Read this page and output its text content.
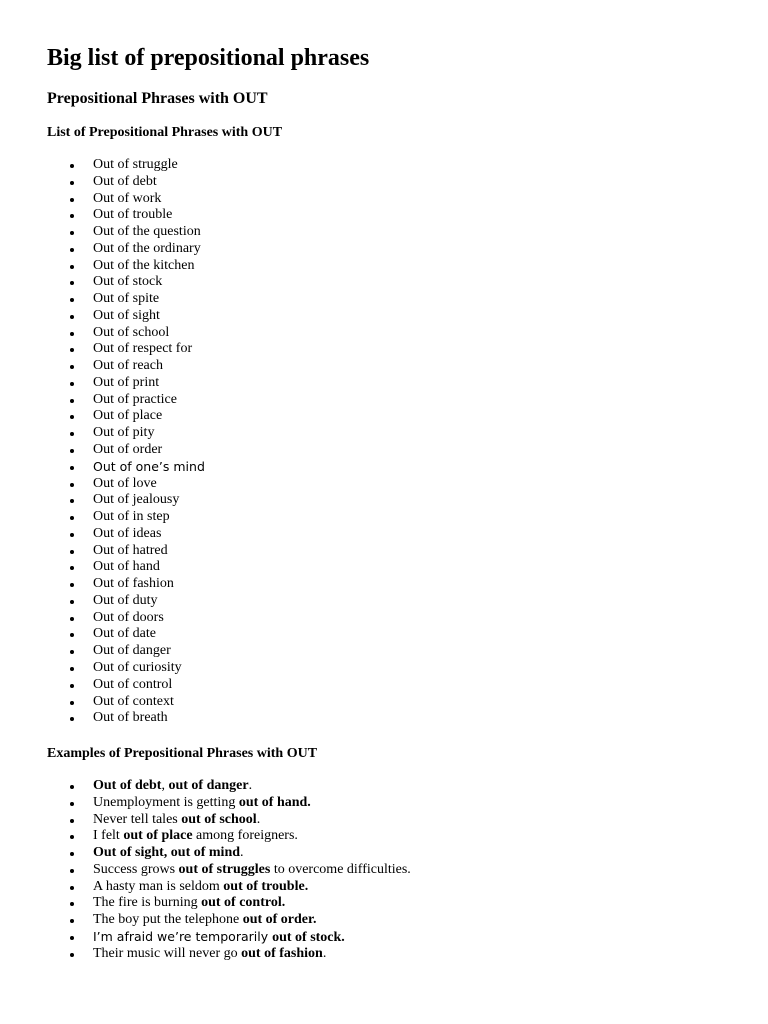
Big list of prepositional phrases
Prepositional Phrases with OUT
List of Prepositional Phrases with OUT
Out of struggle
Out of debt
Out of work
Out of trouble
Out of the question
Out of the ordinary
Out of the kitchen
Out of stock
Out of spite
Out of sight
Out of school
Out of respect for
Out of reach
Out of print
Out of practice
Out of place
Out of pity
Out of order
Out of one’s mind
Out of love
Out of jealousy
Out of in step
Out of ideas
Out of hatred
Out of hand
Out of fashion
Out of duty
Out of doors
Out of date
Out of danger
Out of curiosity
Out of control
Out of context
Out of breath
Examples of Prepositional Phrases with OUT
Out of debt, out of danger.
Unemployment is getting out of hand.
Never tell tales out of school.
I felt out of place among foreigners.
Out of sight, out of mind.
Success grows out of struggles to overcome difficulties.
A hasty man is seldom out of trouble.
The fire is burning out of control.
The boy put the telephone out of order.
I’m afraid we’re temporarily out of stock.
Their music will never go out of fashion.
